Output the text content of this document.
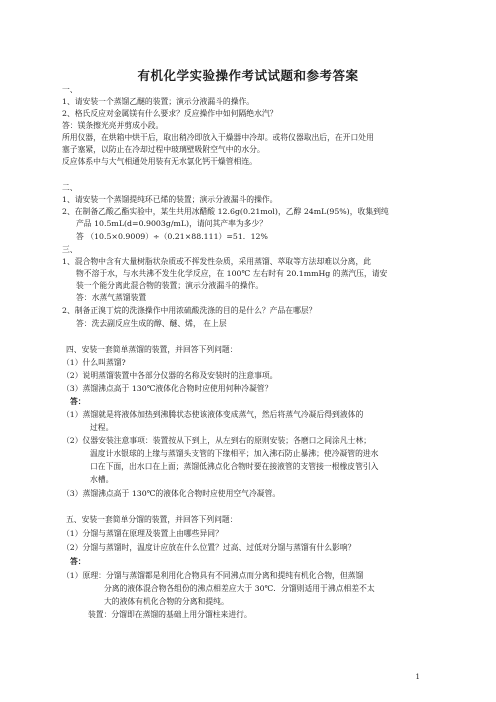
有机化学实验操作考试试题和参考答案
一、
1、请安装一个蒸馏乙醚的装置；演示分液漏斗的操作。
2、格氏反应对金属镁有什么要求？反应操作中如何隔绝水汽？
答：镁条擦光亮并剪成小段。
所用仪器，在烘箱中烘干后，取出稍冷即放入干燥器中冷却。或将仪器取出后，在开口处用
塞子塞紧，以防止在冷却过程中玻璃壁吸附空气中的水分。
反应体系中与大气相通处用装有无水氯化钙干燥管相连。
二、
1、请安装一个蒸馏提纯环已烯的装置；演示分液漏斗的操作。
2、在制备乙酸乙酯实验中，某生共用冰醋酸 12.6g(0.21mol)，乙醇 24mL(95%)，收集到纯
产品 10.5mL(d=0.9003g/mL)，请问其产率为多少？
答 （10.5×0.9009）÷（0.21×88.111）=51．12%
三、
1、混合物中含有大量树脂状杂质或不挥发性杂质，采用蒸馏、萃取等方法却难以分离，此
物不溶于水，与水共沸不发生化学反应，在 100℃ 左右时有 20.1mmHg 的蒸汽压，请安
装一个能分离此混合物的装置；演示分液漏斗的操作。
答：水蒸气蒸馏装置
2、制备正溴丁烷的洗涤操作中用浓硫酸洗涤的目的是什么？产品在哪层？
答：洗去副反应生成的醇、醚、烯， 在上层
四、安装一套简单蒸馏的装置，并回答下列问题：
（1）什么叫蒸馏?
（2）说明蒸馏装置中各部分仪器的名称及安装时的注意事项。
（3）蒸馏沸点高于 130℃液体化合物时应使用何种冷凝管？
答：
（1）蒸馏就是将液体加热到沸腾状态使该液体变成蒸气，然后将蒸气冷凝后得到液体的
过程。
（2）仪器安装注意事项：装置按从下到上，从左到右的原则安装；各磨口之间涂凡士林；
温度计水银球的上缘与蒸馏头支管的下缘相平；加入沸石防止暴沸；使冷凝管的进水
口在下面，出水口在上面；蒸馏低沸点化合物时要在接液管的支管接一根橡皮管引入
水槽。
（3）蒸馏沸点高于 130℃的液体化合物时应使用空气冷凝管。
五、安装一套简单分馏的装置，并回答下列问题：
（1）分馏与蒸馏在原理及装置上由哪些异同？
（2）分馏与蒸馏时，温度计应放在什么位置？过高、过低对分馏与蒸馏有什么影响？
答：
（1）原理：分馏与蒸馏都是利用化合物具有不同沸点而分离和提纯有机化合物，但蒸馏
分离的液体混合物各组份的沸点相差应大于 30℃．分馏则适用于沸点相差不太
大的液体有机化合物的分离和提纯。
装置：分馏即在蒸馏的基础上用分馏柱来进行。
1
